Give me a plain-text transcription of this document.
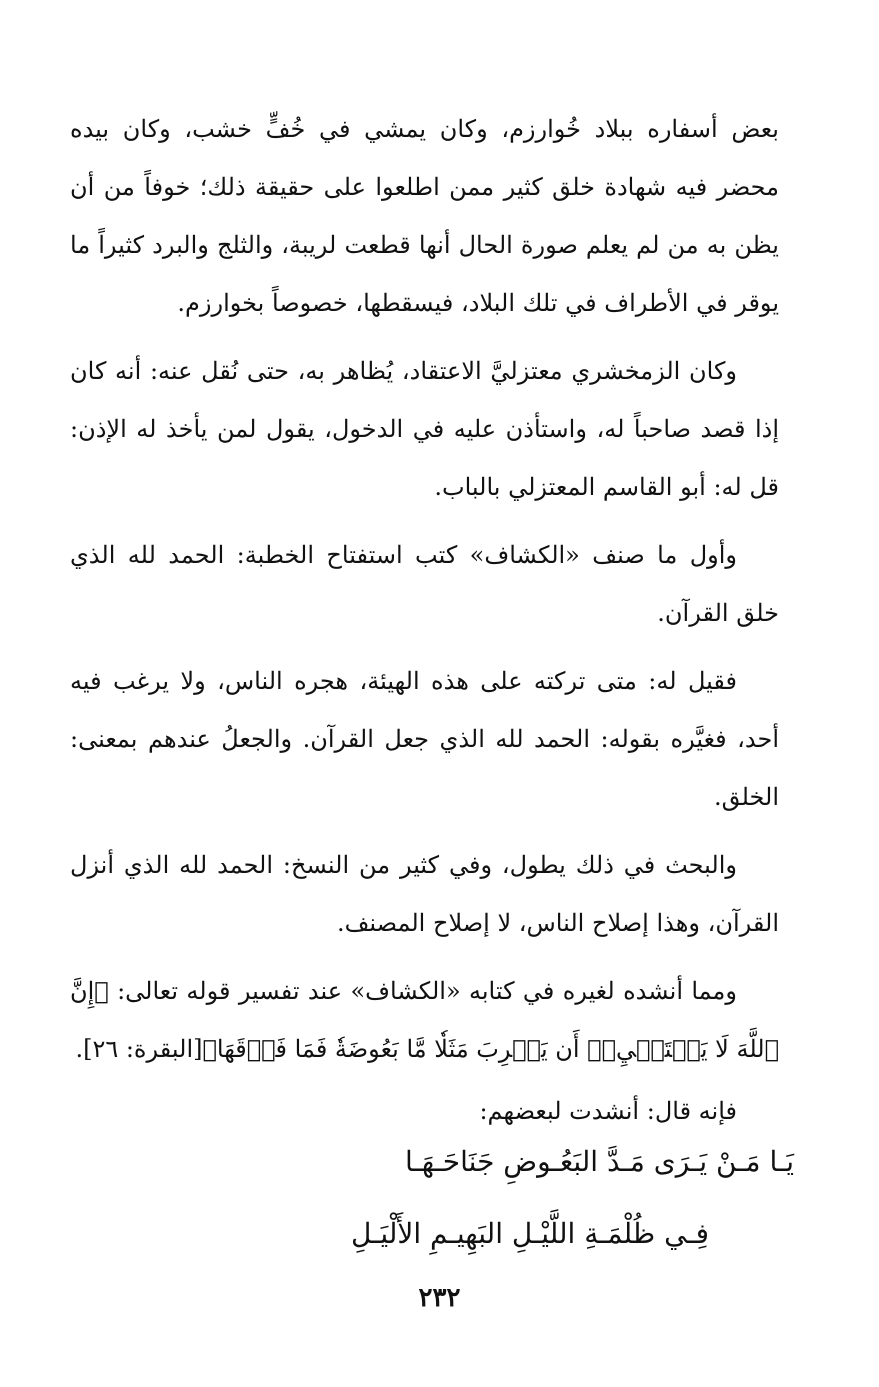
بعض أسفاره ببلاد خُوارزم، وكان يمشي في خُفٍّ خشب، وكان بيده محضر فيه شهادة خلق كثير ممن اطلعوا على حقيقة ذلك؛ خوفاً من أن يظن به من لم يعلم صورة الحال أنها قطعت لريبة، والثلج والبرد كثيراً ما يوقر في الأطراف في تلك البلاد، فيسقطها، خصوصاً بخوارزم.

وكان الزمخشري معتزليَّ الاعتقاد، يُظاهر به، حتى نُقل عنه: أنه كان إذا قصد صاحباً له، واستأذن عليه في الدخول، يقول لمن يأخذ له الإذن: قل له: أبو القاسم المعتزلي بالباب.

وأول ما صنف «الكشاف» كتب استفتاح الخطبة: الحمد لله الذي خلق القرآن.

فقيل له: متى تركته على هذه الهيئة، هجره الناس، ولا يرغب فيه أحد، فغيَّره بقوله: الحمد لله الذي جعل القرآن. والجعلُ عندهم بمعنى: الخلق.

والبحث في ذلك يطول، وفي كثير من النسخ: الحمد لله الذي أنزل القرآن، وهذا إصلاح الناس، لا إصلاح المصنف.

ومما أنشده لغيره في كتابه «الكشاف» عند تفسير قوله تعالى: ﴿إِنَّ ٱللَّهَ لَا يَسۡتَحۡيِۦٓ أَن يَضۡرِبَ مَثَلٗا مَّا بَعُوضَةٗ فَمَا فَوۡقَهَا﴾[البقرة: ٢٦].

فإنه قال: أنشدت لبعضهم:

يَـا مَـنْ يَـرَى مَـدَّ البَعُـوضِ جَنَاحَـهَـا
فِـي ظُلْمَـةِ اللَّيْـلِ البَهِيـمِ الأَلْيَـلِ
٢٣٢
